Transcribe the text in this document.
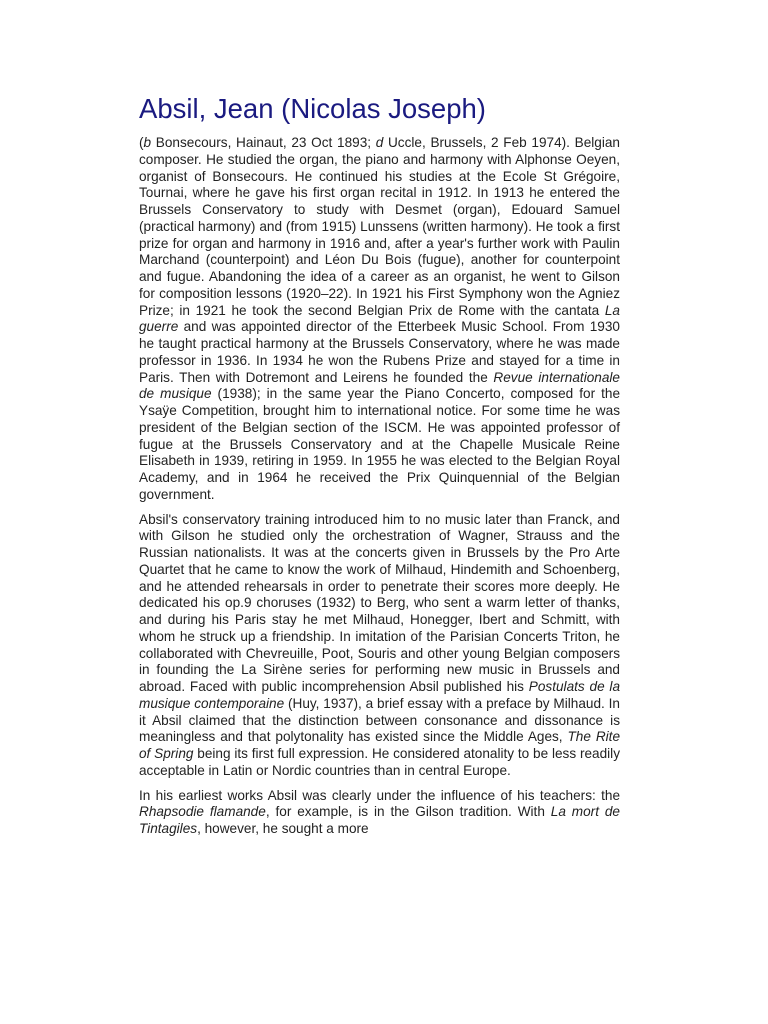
Absil, Jean (Nicolas Joseph)

(b Bonsecours, Hainaut, 23 Oct 1893; d Uccle, Brussels, 2 Feb 1974). Belgian composer. He studied the organ, the piano and harmony with Alphonse Oeyen, organist of Bonsecours. He continued his studies at the Ecole St Grégoire, Tournai, where he gave his first organ recital in 1912. In 1913 he entered the Brussels Conservatory to study with Desmet (organ), Edouard Samuel (practical harmony) and (from 1915) Lunssens (written harmony). He took a first prize for organ and harmony in 1916 and, after a year's further work with Paulin Marchand (counterpoint) and Léon Du Bois (fugue), another for counterpoint and fugue. Abandoning the idea of a career as an organist, he went to Gilson for composition lessons (1920–22). In 1921 his First Symphony won the Agniez Prize; in 1921 he took the second Belgian Prix de Rome with the cantata La guerre and was appointed director of the Etterbeek Music School. From 1930 he taught practical harmony at the Brussels Conservatory, where he was made professor in 1936. In 1934 he won the Rubens Prize and stayed for a time in Paris. Then with Dotremont and Leirens he founded the Revue internationale de musique (1938); in the same year the Piano Concerto, composed for the Ysaÿe Competition, brought him to international notice. For some time he was president of the Belgian section of the ISCM. He was appointed professor of fugue at the Brussels Conservatory and at the Chapelle Musicale Reine Elisabeth in 1939, retiring in 1959. In 1955 he was elected to the Belgian Royal Academy, and in 1964 he received the Prix Quinquennial of the Belgian government.

Absil's conservatory training introduced him to no music later than Franck, and with Gilson he studied only the orchestration of Wagner, Strauss and the Russian nationalists. It was at the concerts given in Brussels by the Pro Arte Quartet that he came to know the work of Milhaud, Hindemith and Schoenberg, and he attended rehearsals in order to penetrate their scores more deeply. He dedicated his op.9 choruses (1932) to Berg, who sent a warm letter of thanks, and during his Paris stay he met Milhaud, Honegger, Ibert and Schmitt, with whom he struck up a friendship. In imitation of the Parisian Concerts Triton, he collaborated with Chevreuille, Poot, Souris and other young Belgian composers in founding the La Sirène series for performing new music in Brussels and abroad. Faced with public incomprehension Absil published his Postulats de la musique contemporaine (Huy, 1937), a brief essay with a preface by Milhaud. In it Absil claimed that the distinction between consonance and dissonance is meaningless and that polytonality has existed since the Middle Ages, The Rite of Spring being its first full expression. He considered atonality to be less readily acceptable in Latin or Nordic countries than in central Europe.

In his earliest works Absil was clearly under the influence of his teachers: the Rhapsodie flamande, for example, is in the Gilson tradition. With La mort de Tintagiles, however, he sought a more
